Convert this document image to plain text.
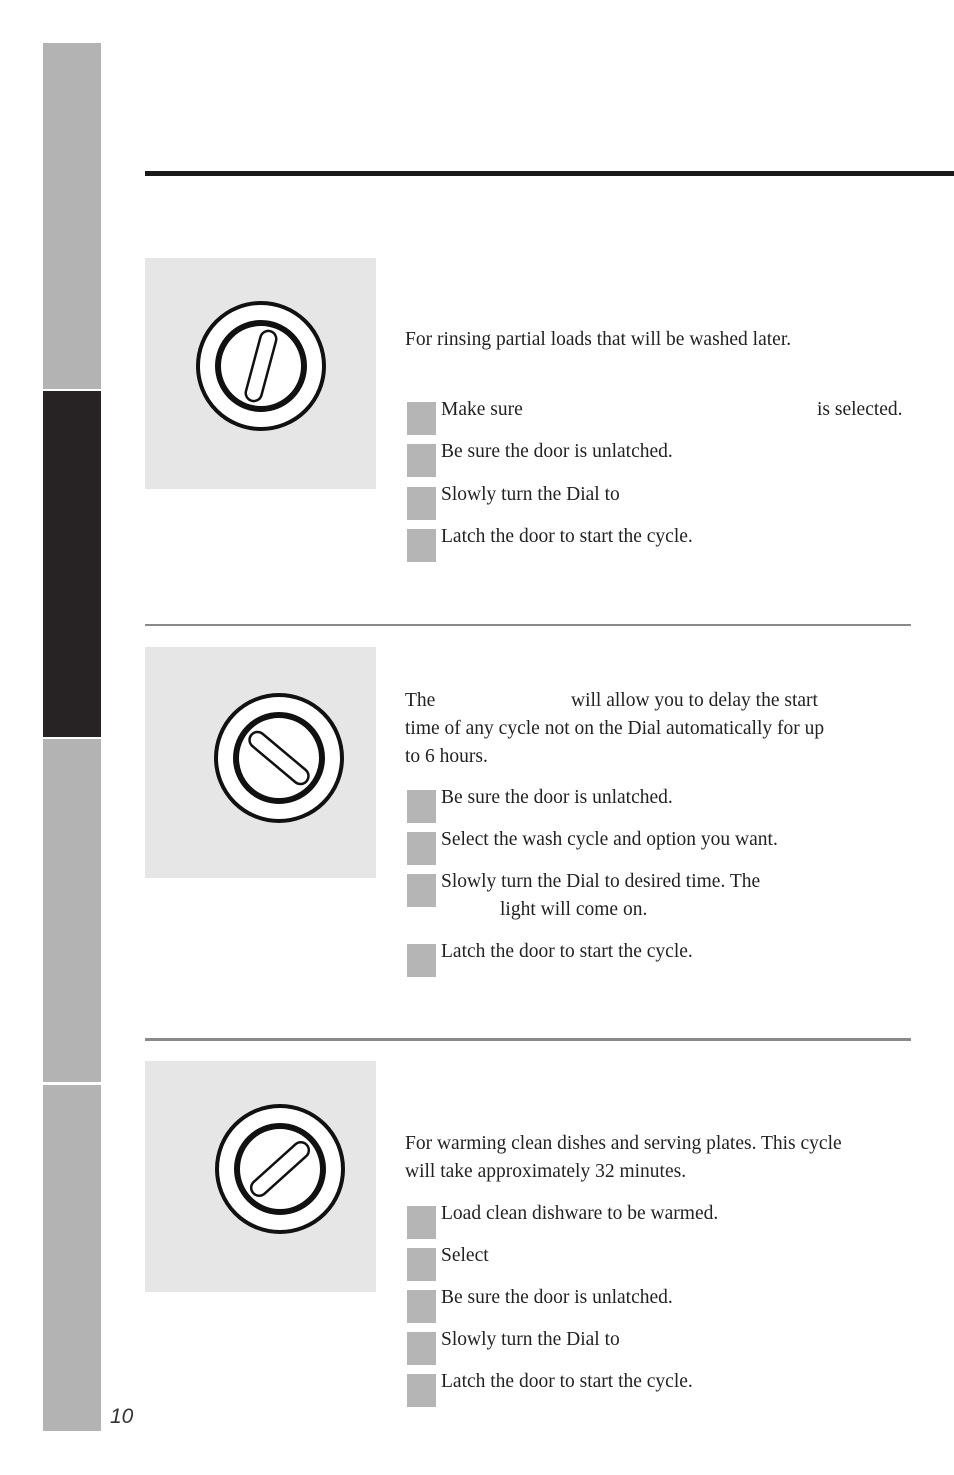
For rinsing partial loads that will be washed later.
Make sure	is selected.
Be sure the door is unlatched.
Slowly turn the Dial to
Latch the door to start the cycle.
The	will allow you to delay the start
time of any cycle not on the Dial automatically for up
to 6 hours.
Be sure the door is unlatched.
Select the wash cycle and option you want.
Slowly turn the Dial to desired time. The
light will come on.
Latch the door to start the cycle.
For warming clean dishes and serving plates. This cycle
will take approximately 32 minutes.
Load clean dishware to be warmed.
Select
Be sure the door is unlatched.
Slowly turn the Dial to
Latch the door to start the cycle.
10
